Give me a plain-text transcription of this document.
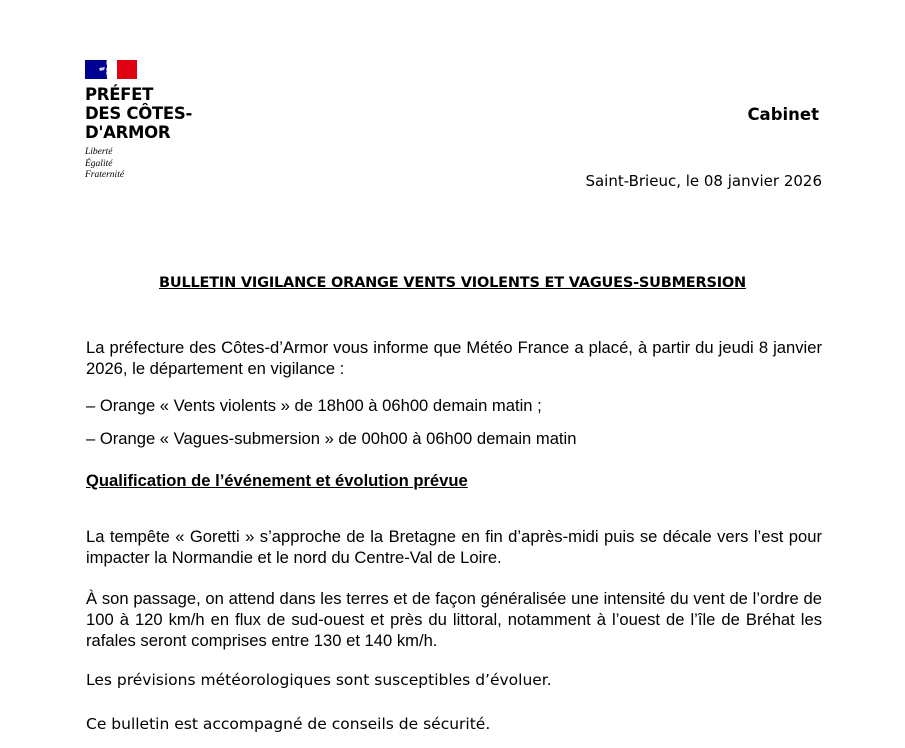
PRÉFET
DES CÔTES-
D'ARMOR
Liberté
Égalité
Fraternité
Cabinet
Saint-Brieuc, le 08 janvier 2026
BULLETIN VIGILANCE ORANGE VENTS VIOLENTS ET VAGUES-SUBMERSION

La préfecture des Côtes-d’Armor vous informe que Météo France a placé, à partir du jeudi 8 janvier 2026, le département en vigilance :

– Orange « Vents violents » de 18h00 à 06h00 demain matin ;

– Orange « Vagues-submersion » de 00h00 à 06h00 demain matin

Qualification de l’événement et évolution prévue

La tempête « Goretti » s’approche de la Bretagne en fin d’après-midi puis se décale vers l’est pour impacter la Normandie et le nord du Centre-Val de Loire.

À son passage, on attend dans les terres et de façon généralisée une intensité du vent de l’ordre de 100 à 120 km/h en flux de sud-ouest et près du littoral, notamment à l’ouest de l’île de Bréhat les rafales seront comprises entre 130 et 140 km/h.

Les prévisions météorologiques sont susceptibles d’évoluer.

Ce bulletin est accompagné de conseils de sécurité.
